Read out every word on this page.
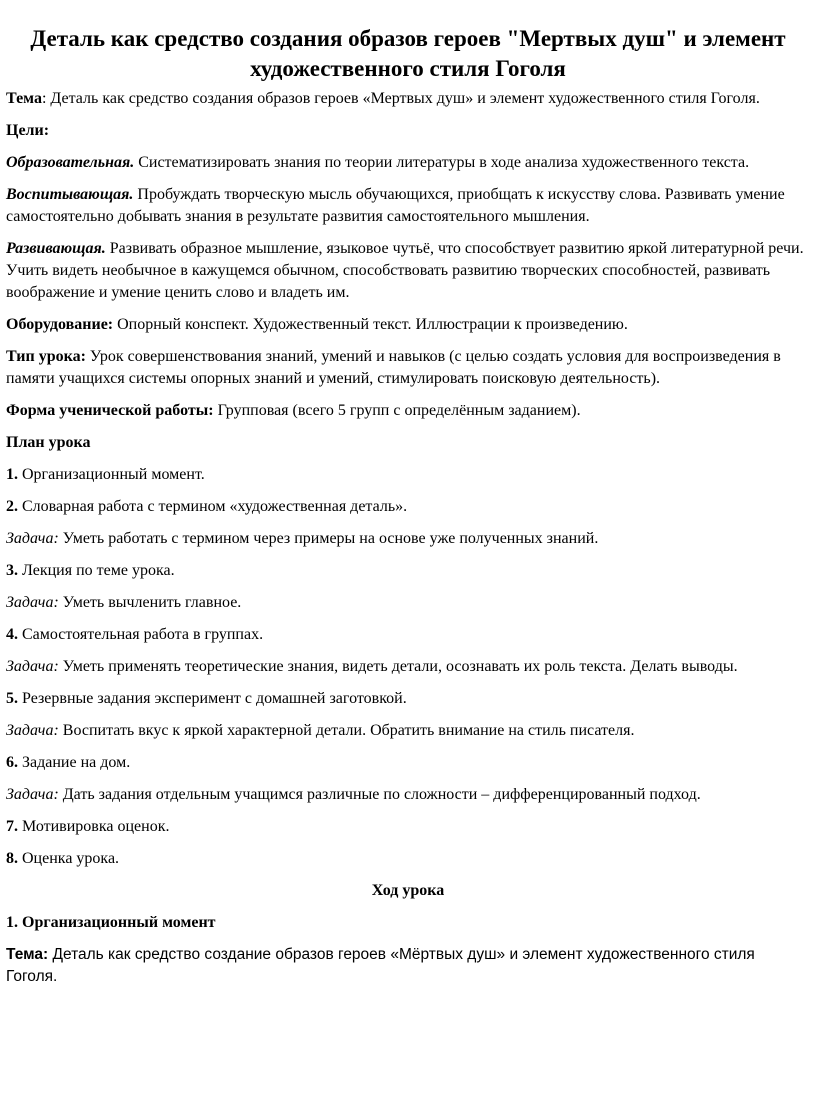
Деталь как средство создания образов героев "Мертвых душ" и элемент художественного стиля Гоголя

Тема: Деталь как средство создания образов героев «Мертвых душ» и элемент художественного стиля Гоголя.

Цели:

Образовательная. Систематизировать знания по теории литературы в ходе анализа художественного текста.

Воспитывающая. Пробуждать творческую мысль обучающихся, приобщать к искусству слова. Развивать умение самостоятельно добывать знания в результате развития самостоятельного мышления.

Развивающая. Развивать образное мышление, языковое чутьё, что способствует развитию яркой литературной речи. Учить видеть необычное в кажущемся обычном, способствовать развитию творческих способностей, развивать воображение и умение ценить слово и владеть им.

Оборудование: Опорный конспект. Художественный текст. Иллюстрации к произведению.

Тип урока: Урок совершенствования знаний, умений и навыков (с целью создать условия для воспроизведения в памяти учащихся системы опорных знаний и умений, стимулировать поисковую деятельность).

Форма ученической работы: Групповая (всего 5 групп с определённым заданием).

План урока

1. Организационный момент.

2. Словарная работа с термином «художественная деталь».

Задача: Уметь работать с термином через примеры на основе уже полученных знаний.

3. Лекция по теме урока.

Задача: Уметь вычленить главное.

4. Самостоятельная работа в группах.

Задача: Уметь применять теоретические знания, видеть детали, осознавать их роль текста. Делать выводы.

5. Резервные задания эксперимент с домашней заготовкой.

Задача: Воспитать вкус к яркой характерной детали. Обратить внимание на стиль писателя.

6. Задание на дом.

Задача: Дать задания отдельным учащимся различные по сложности – дифференцированный подход.

7. Мотивировка оценок.

8. Оценка урока.

Ход урока

1. Организационный момент

Тема: Деталь как средство создание образов героев «Мёртвых душ» и элемент художественного стиля Гоголя.
